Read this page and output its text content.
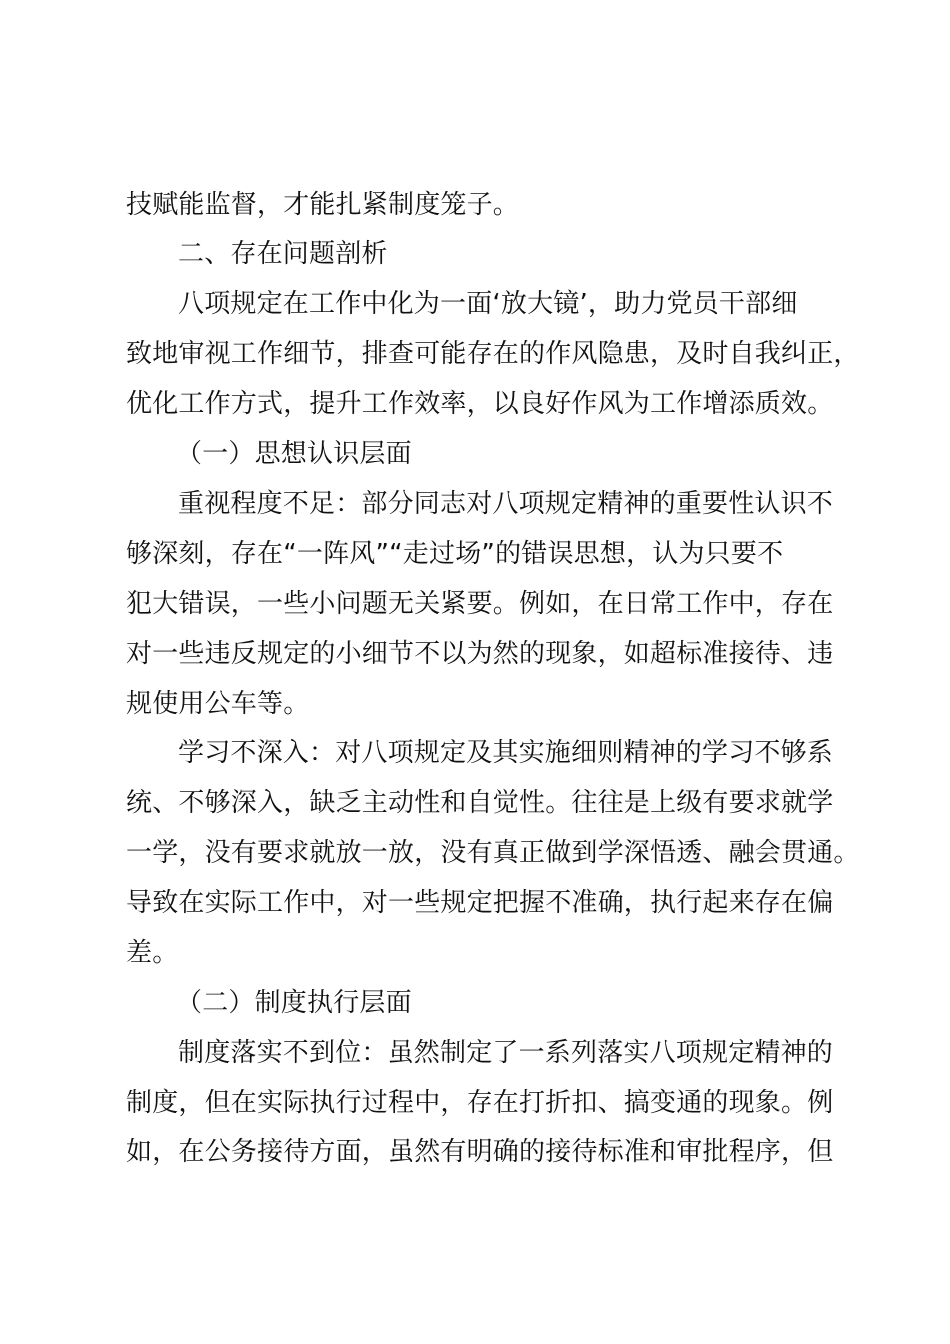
技赋能监督，才能扎紧制度笼子。
二、存在问题剖析
八项规定在工作中化为一面‘放大镜’，助力党员干部细
致地审视工作细节，排查可能存在的作风隐患，及时自我纠正，
优化工作方式，提升工作效率，以良好作风为工作增添质效。
（一）思想认识层面
重视程度不足：部分同志对八项规定精神的重要性认识不
够深刻，存在“一阵风”“走过场”的错误思想，认为只要不
犯大错误，一些小问题无关紧要。例如，在日常工作中，存在
对一些违反规定的小细节不以为然的现象，如超标准接待、违
规使用公车等。
学习不深入：对八项规定及其实施细则精神的学习不够系
统、不够深入，缺乏主动性和自觉性。往往是上级有要求就学
一学，没有要求就放一放，没有真正做到学深悟透、融会贯通。
导致在实际工作中，对一些规定把握不准确，执行起来存在偏
差。
（二）制度执行层面
制度落实不到位：虽然制定了一系列落实八项规定精神的
制度，但在实际执行过程中，存在打折扣、搞变通的现象。例
如，在公务接待方面，虽然有明确的接待标准和审批程序，但
